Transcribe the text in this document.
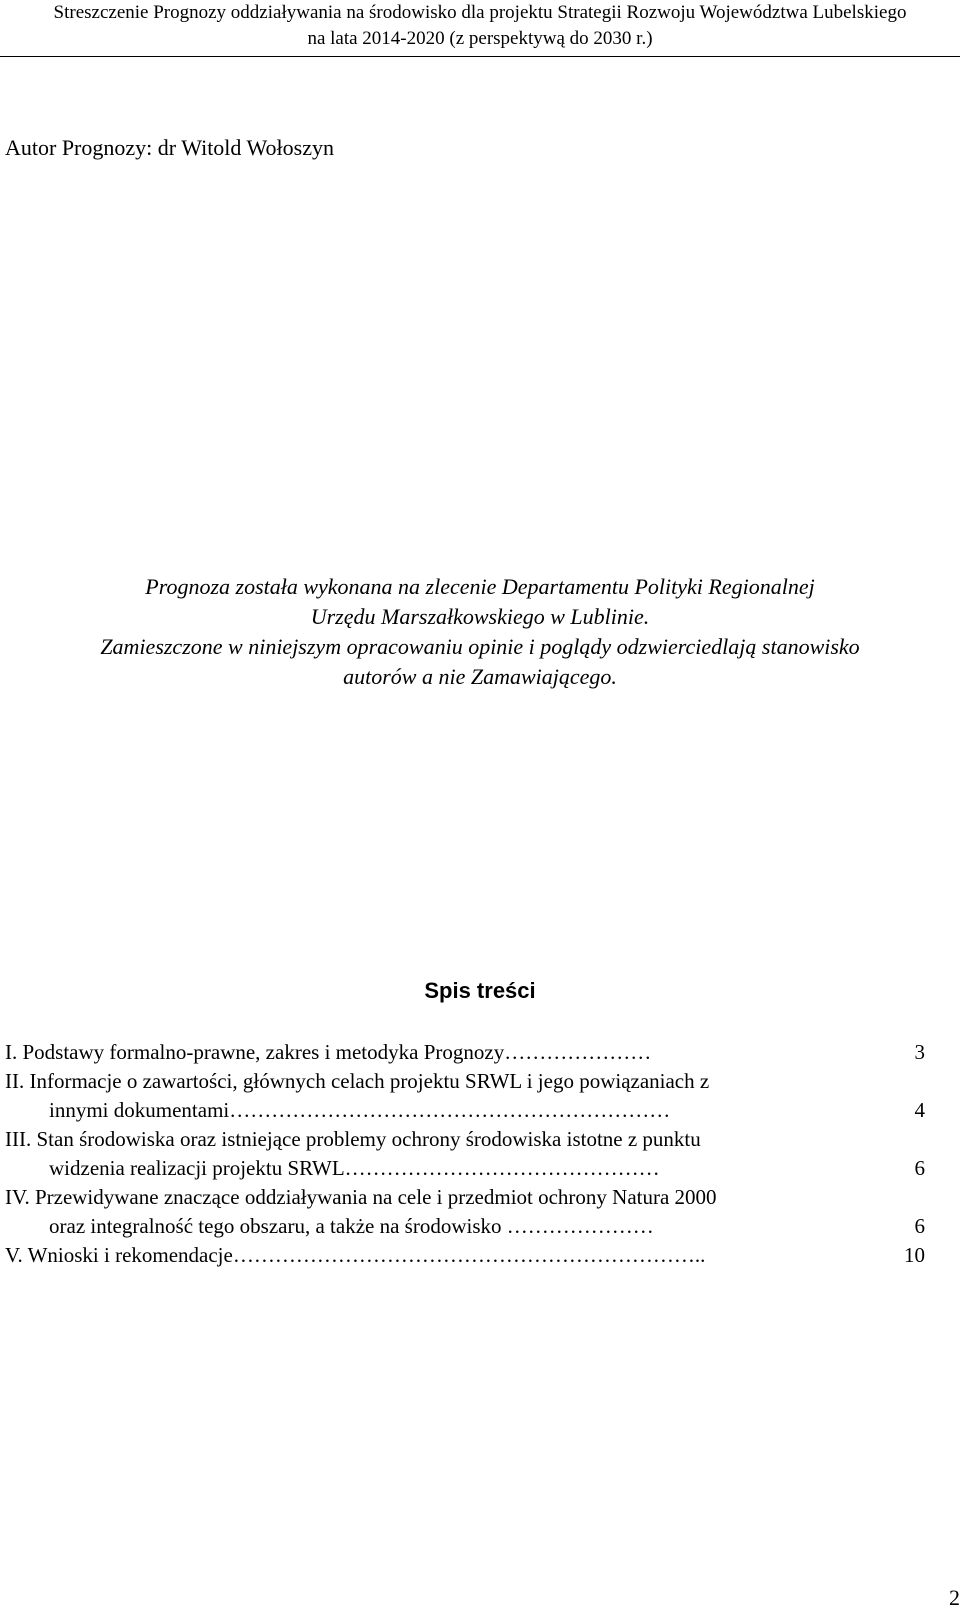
Streszczenie Prognozy oddziaływania na środowisko dla projektu Strategii Rozwoju Województwa Lubelskiego
na lata 2014-2020 (z perspektywą do 2030 r.)
Autor Prognozy: dr Witold Wołoszyn
Prognoza została wykonana na zlecenie Departamentu Polityki Regionalnej
Urzędu Marszałkowskiego w Lublinie.
Zamieszczone w niniejszym opracowaniu opinie i poglądy odzwierciedlają stanowisko
autorów a nie Zamawiającego.
Spis treści
I. Podstawy formalno-prawne, zakres i metodyka Prognozy…………………	3
II. Informacje o zawartości, głównych celach projektu SRWL i jego powiązaniach z
innymi dokumentami………………………………………………………	4
III. Stan środowiska oraz istniejące problemy ochrony środowiska istotne z punktu
widzenia realizacji projektu SRWL………………………………………	6
IV. Przewidywane znaczące oddziaływania na cele i przedmiot ochrony Natura 2000
oraz integralność tego obszaru, a także na środowisko …………………	6
V. Wnioski i rekomendacje…………………………………………………………..	10
2
